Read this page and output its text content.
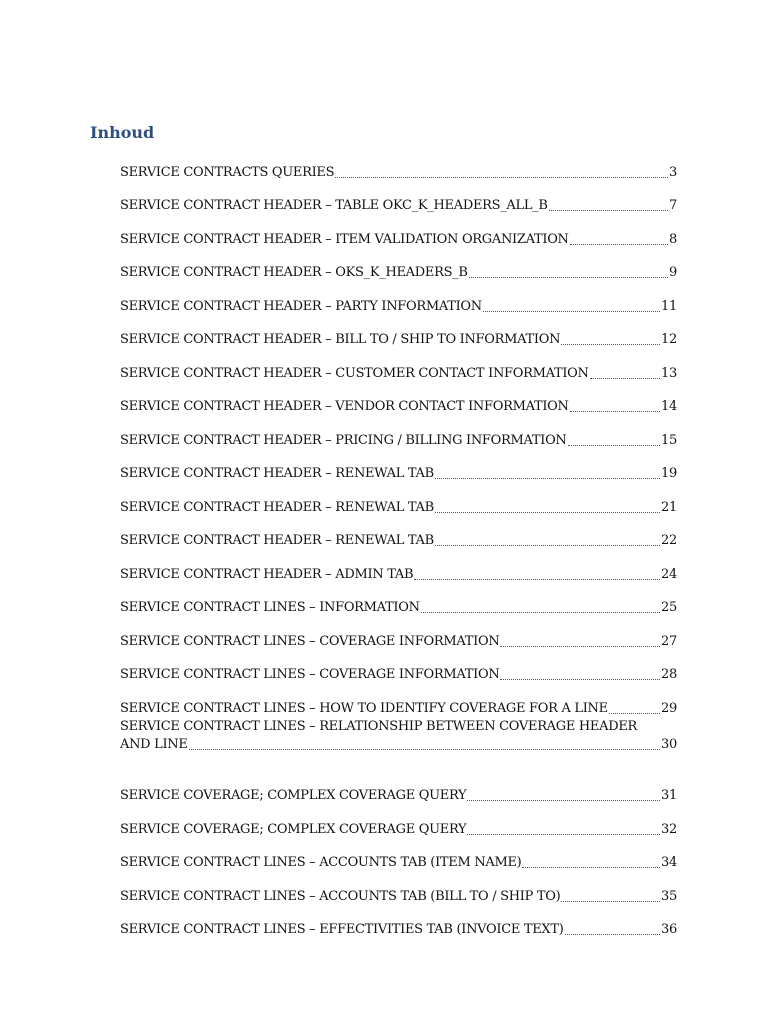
Inhoud
SERVICE CONTRACTS QUERIES	3
SERVICE CONTRACT HEADER – TABLE OKC_K_HEADERS_ALL_B	7
SERVICE CONTRACT HEADER – ITEM VALIDATION ORGANIZATION	8
SERVICE CONTRACT HEADER – OKS_K_HEADERS_B	9
SERVICE CONTRACT HEADER – PARTY INFORMATION	11
SERVICE CONTRACT HEADER – BILL TO / SHIP TO INFORMATION	12
SERVICE CONTRACT HEADER – CUSTOMER CONTACT INFORMATION	13
SERVICE CONTRACT HEADER – VENDOR CONTACT INFORMATION	14
SERVICE CONTRACT HEADER – PRICING / BILLING INFORMATION	15
SERVICE CONTRACT HEADER – RENEWAL TAB	19
SERVICE CONTRACT HEADER – RENEWAL TAB	21
SERVICE CONTRACT HEADER – RENEWAL TAB	22
SERVICE CONTRACT HEADER – ADMIN TAB	24
SERVICE CONTRACT LINES – INFORMATION	25
SERVICE CONTRACT LINES – COVERAGE INFORMATION	27
SERVICE CONTRACT LINES – COVERAGE INFORMATION	28
SERVICE CONTRACT LINES – HOW TO IDENTIFY COVERAGE FOR A LINE	29
SERVICE CONTRACT LINES – RELATIONSHIP BETWEEN COVERAGE HEADER
AND LINE	30
SERVICE COVERAGE; COMPLEX COVERAGE QUERY	31
SERVICE COVERAGE; COMPLEX COVERAGE QUERY	32
SERVICE CONTRACT LINES – ACCOUNTS TAB (ITEM NAME)	34
SERVICE CONTRACT LINES – ACCOUNTS TAB (BILL TO / SHIP TO)	35
SERVICE CONTRACT LINES – EFFECTIVITIES TAB (INVOICE TEXT)	36
